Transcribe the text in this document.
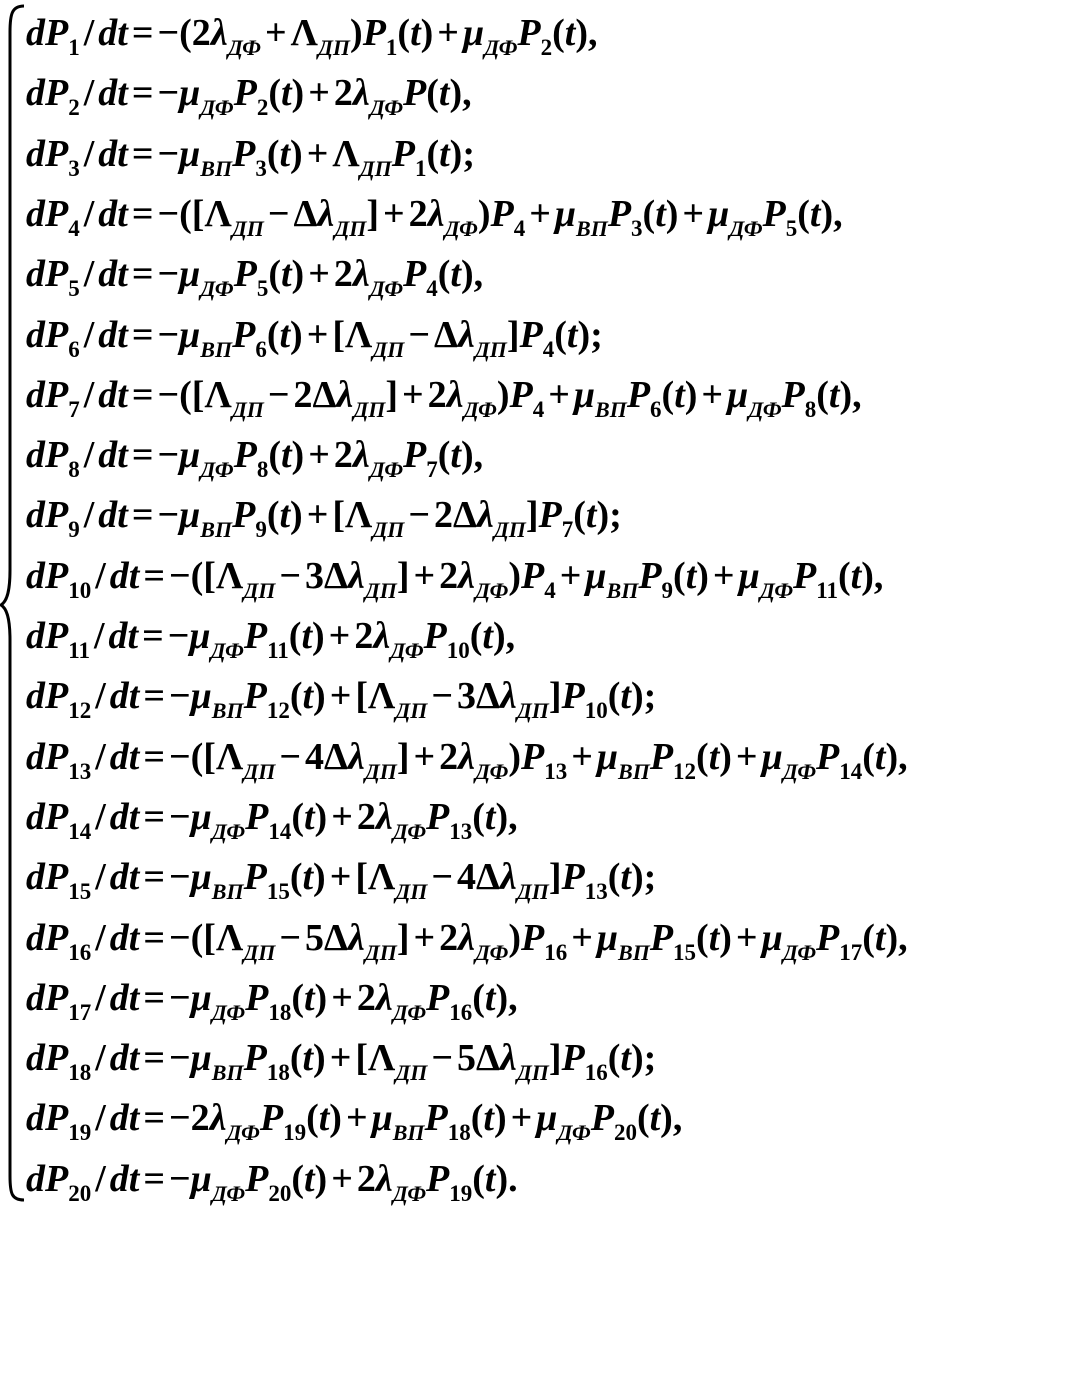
$dP_1$ / dt = $-(2\lambda_{ДФ} + \Lambda_{ДП})P_1(t) + \mu_{ДФ}P_2(t)$,
$dP_2$ / dt = $-\mu_{ДФ}P_2(t) + 2\lambda_{ДФ}P(t)$,
$dP_3$ / dt = $-\mu_{ВП}P_3(t) + \Lambda_{ДП}P_1(t)$;
$dP_4$ / dt = $-([\Lambda_{ДП} - \Delta\lambda_{ДП}] + 2\lambda_{ДФ})P_4 + \mu_{ВП}P_3(t) + \mu_{ДФ}P_5(t)$,
$dP_5$ / dt = $-\mu_{ДФ}P_5(t) + 2\lambda_{ДФ}P_4(t)$,
$dP_6$ / dt = $-\mu_{ВП}P_6(t) + [\Lambda_{ДП} - \Delta\lambda_{ДП}]P_4(t)$;
$dP_7$ / dt = $-([\Lambda_{ДП} - 2\Delta\lambda_{ДП}] + 2\lambda_{ДФ})P_4 + \mu_{ВП}P_6(t) + \mu_{ДФ}P_8(t)$,
$dP_8$ / dt = $-\mu_{ДФ}P_8(t) + 2\lambda_{ДФ}P_7(t)$,
$dP_9$ / dt = $-\mu_{ВП}P_9(t) + [\Lambda_{ДП} - 2\Delta\lambda_{ДП}]P_7(t)$;
$dP_{10}$ / dt = $-([\Lambda_{ДП} - 3\Delta\lambda_{ДП}] + 2\lambda_{ДФ})P_4 + \mu_{ВП}P_9(t) + \mu_{ДФ}P_{11}(t)$,
$dP_{11}$ / dt = $-\mu_{ДФ}P_{11}(t) + 2\lambda_{ДФ}P_{10}(t)$,
$dP_{12}$ / dt = $-\mu_{ВП}P_{12}(t) + [\Lambda_{ДП} - 3\Delta\lambda_{ДП}]P_{10}(t)$;
$dP_{13}$ / dt = $-([\Lambda_{ДП} - 4\Delta\lambda_{ДП}] + 2\lambda_{ДФ})P_{13} + \mu_{ВП}P_{12}(t) + \mu_{ДФ}P_{14}(t)$,
$dP_{14}$ / dt = $-\mu_{ДФ}P_{14}(t) + 2\lambda_{ДФ}P_{13}(t)$,
$dP_{15}$ / dt = $-\mu_{ВП}P_{15}(t) + [\Lambda_{ДП} - 4\Delta\lambda_{ДП}]P_{13}(t)$;
$dP_{16}$ / dt = $-([\Lambda_{ДП} - 5\Delta\lambda_{ДП}] + 2\lambda_{ДФ})P_{16} + \mu_{ВП}P_{15}(t) + \mu_{ДФ}P_{17}(t)$,
$dP_{17}$ / dt = $-\mu_{ДФ}P_{18}(t) + 2\lambda_{ДФ}P_{16}(t)$,
$dP_{18}$ / dt = $-\mu_{ВП}P_{18}(t) + [\Lambda_{ДП} - 5\Delta\lambda_{ДП}]P_{16}(t)$;
$dP_{19}$ / dt = $-2\lambda_{ДФ}P_{19}(t) + \mu_{ВП}P_{18}(t) + \mu_{ДФ}P_{20}(t)$,
$dP_{20}$ / dt = $-\mu_{ДФ}P_{20}(t) + 2\lambda_{ДФ}P_{19}(t)$.
